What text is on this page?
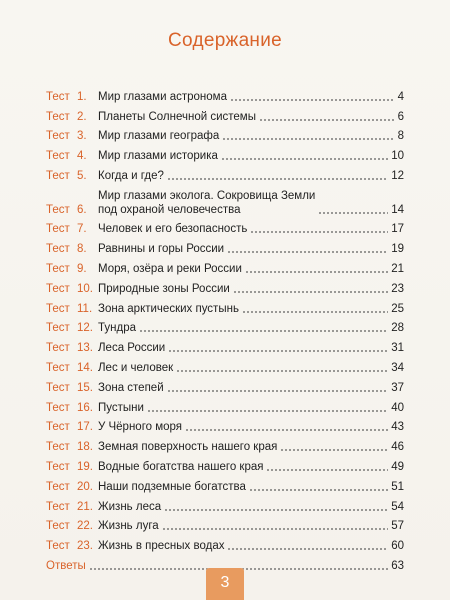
Содержание
Тест 1. Мир глазами астронома	4
Тест 2. Планеты Солнечной системы	6
Тест 3. Мир глазами географа	8
Тест 4. Мир глазами историка	10
Тест 5. Когда и где?	12
Тест 6.
Мир глазами эколога. Сокровища Земли
под охраной человечества	14
Тест 7. Человек и его безопасность	17
Тест 8. Равнины и горы России	19
Тест 9. Моря, озёра и реки России	21
Тест 10. Природные зоны России	23
Тест 11. Зона арктических пустынь	25
Тест 12. Тундра	28
Тест 13. Леса России	31
Тест 14. Лес и человек	34
Тест 15. Зона степей	37
Тест 16. Пустыни	40
Тест 17. У Чёрного моря	43
Тест 18. Земная поверхность нашего края	46
Тест 19. Водные богатства нашего края	49
Тест 20. Наши подземные богатства	51
Тест 21. Жизнь леса	54
Тест 22. Жизнь луга	57
Тест 23. Жизнь в пресных водах	60
Ответы	63
3
